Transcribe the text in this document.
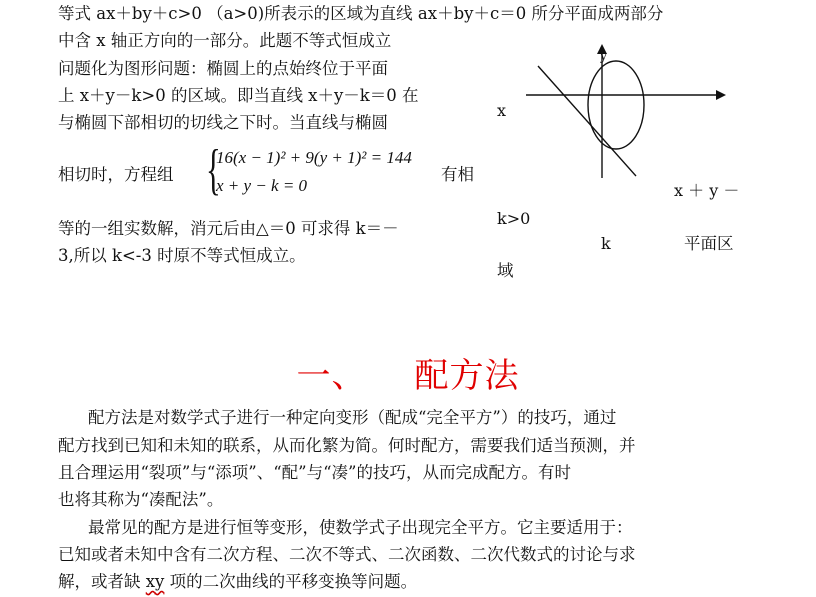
等式 ax＋by＋c>0 （a>0)所表示的区域为直线 ax＋by＋c＝0 所分平面成两部分
中含 x 轴正方向的一部分。此题不等式恒成立
问题化为图形问题：椭圆上的点始终位于平面
上 x＋y－k>0 的区域。即当直线 x＋y－k＝0 在
与椭圆下部相切的切线之下时。当直线与椭圆
相切时，方程组 {
16(x − 1)² + 9(y + 1)² = 144
x + y − k = 0
有相
等的一组实数解，消元后由△＝0 可求得 k＝－
3,所以 k<-3 时原不等式恒成立。
x
x ＋ y －
k>0
k	平面区
域
y
一、 配方法
配方法是对数学式子进行一种定向变形（配成“完全平方”）的技巧，通过
配方找到已知和未知的联系，从而化繁为简。何时配方，需要我们适当预测，并
且合理运用“裂项”与“添项”、“配”与“凑”的技巧，从而完成配方。有时
也将其称为“凑配法”。
最常见的配方是进行恒等变形，使数学式子出现完全平方。它主要适用于：
已知或者未知中含有二次方程、二次不等式、二次函数、二次代数式的讨论与求
解，或者缺 xy 项的二次曲线的平移变换等问题。
